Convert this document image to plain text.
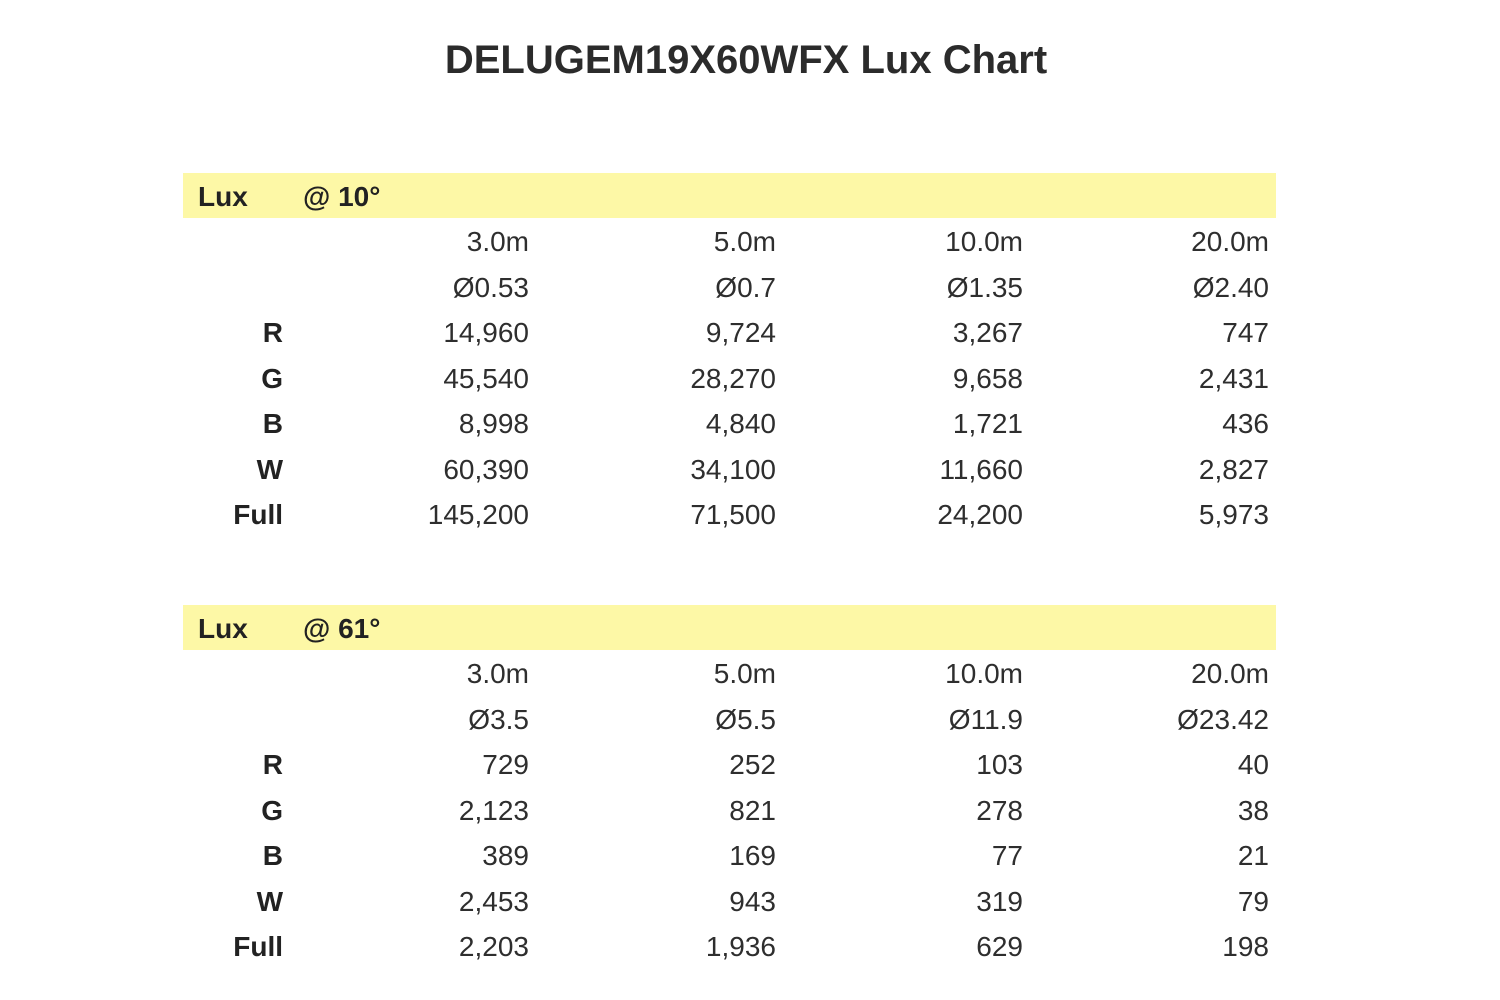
DELUGEM19X60WFX Lux Chart
Lux @ 10°
3.0m	5.0m	10.0m	20.0m
Ø0.53	Ø0.7	Ø1.35	Ø2.40
R	14,960	9,724	3,267	747
G	45,540	28,270	9,658	2,431
B	8,998	4,840	1,721	436
W	60,390	34,100	11,660	2,827
Full	145,200	71,500	24,200	5,973
Lux @ 61°
3.0m	5.0m	10.0m	20.0m
Ø3.5	Ø5.5	Ø11.9	Ø23.42
R	729	252	103	40
G	2,123	821	278	38
B	389	169	77	21
W	2,453	943	319	79
Full	2,203	1,936	629	198
